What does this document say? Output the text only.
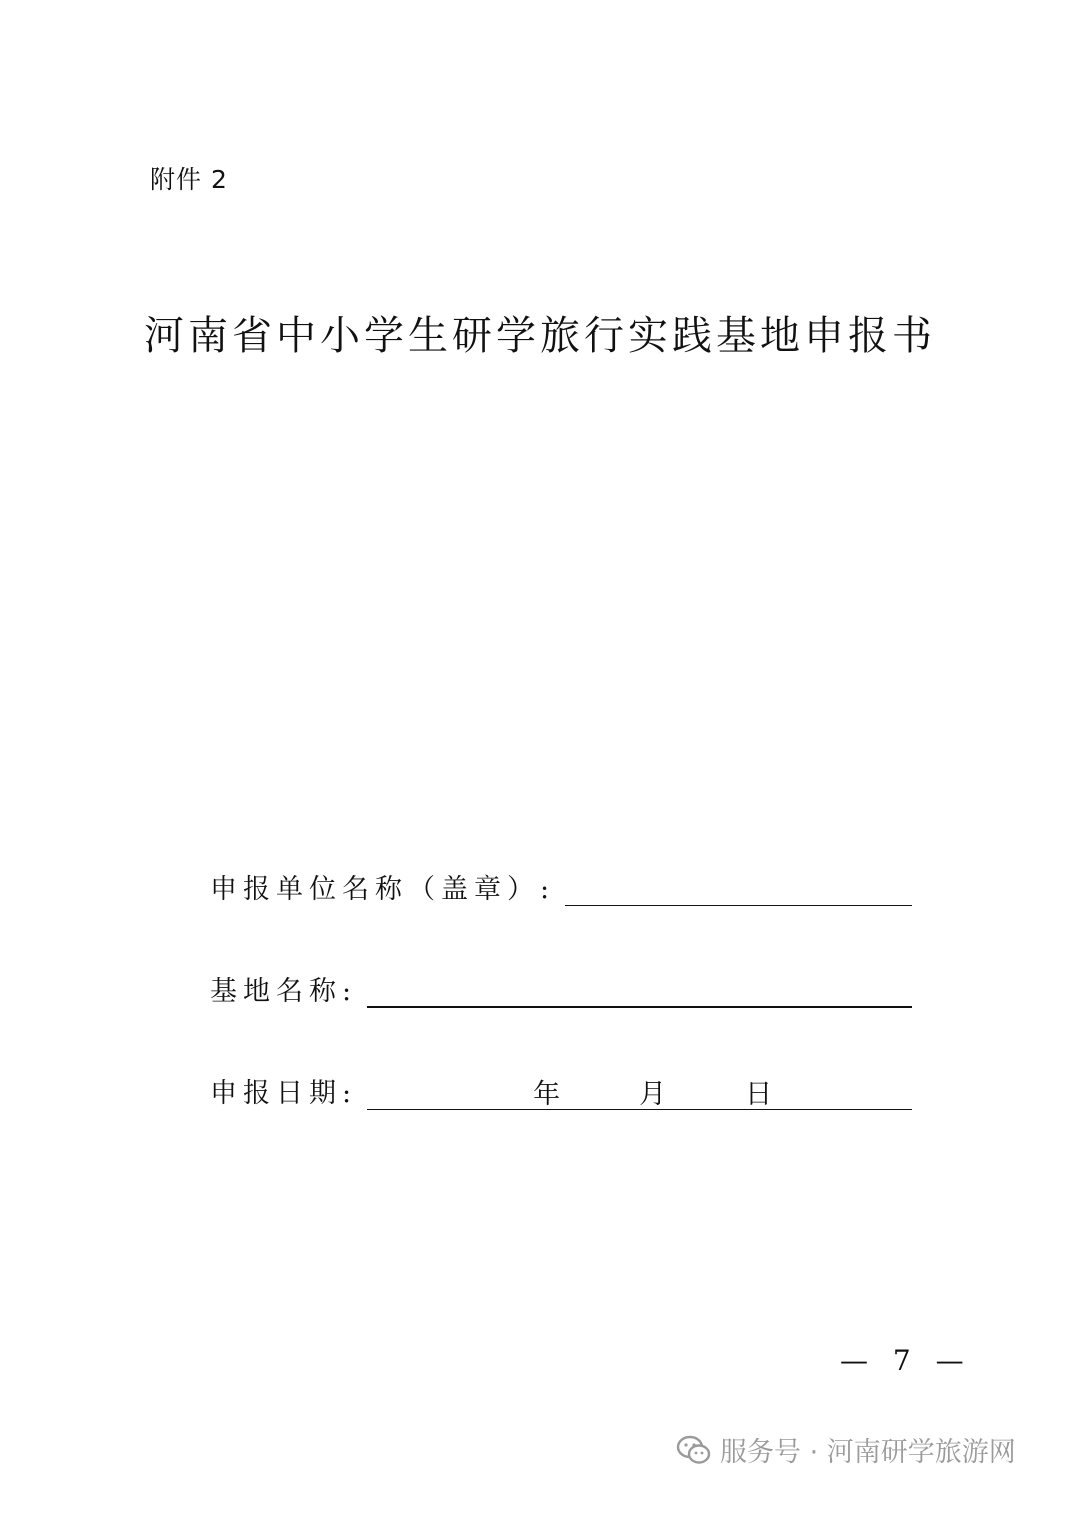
附件 2
河南省中小学生研学旅行实践基地申报书
申报单位名称（盖章）:
基地名称:
申报日期:	年	月	日
— 7 —
服务号 · 河南研学旅游网
